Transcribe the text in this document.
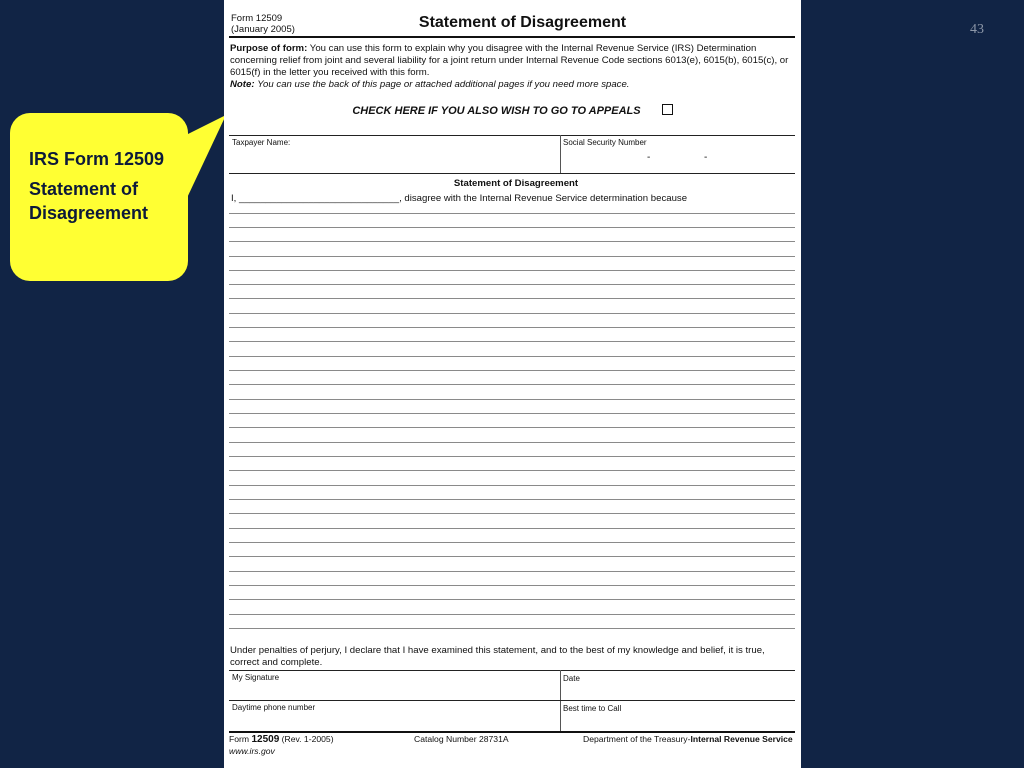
43
IRS Form 12509
Statement of Disagreement
Form 12509
(January 2005)	Statement of Disagreement
Purpose of form: You can use this form to explain why you disagree with the Internal Revenue Service (IRS) Determination concerning relief from joint and several liability for a joint return under Internal Revenue Code sections 6013(e), 6015(b), 6015(c), or 6015(f) in the letter you received with this form.
Note: You can use the back of this page or attached additional pages if you need more space.
CHECK HERE IF YOU ALSO WISH TO GO TO APPEALS
Taxpayer Name:	Social Security Number
-	-
Statement of Disagreement
I, ______________________________, disagree with the Internal Revenue Service determination because
Under penalties of perjury, I declare that I have examined this statement, and to the best of my knowledge and belief, it is true, correct and complete.
My Signature	Date
Daytime phone number	Best time to Call
Form 12509 (Rev. 1-2005)	Catalog Number 28731A	Department of the Treasury-Internal Revenue Service
www.irs.gov
